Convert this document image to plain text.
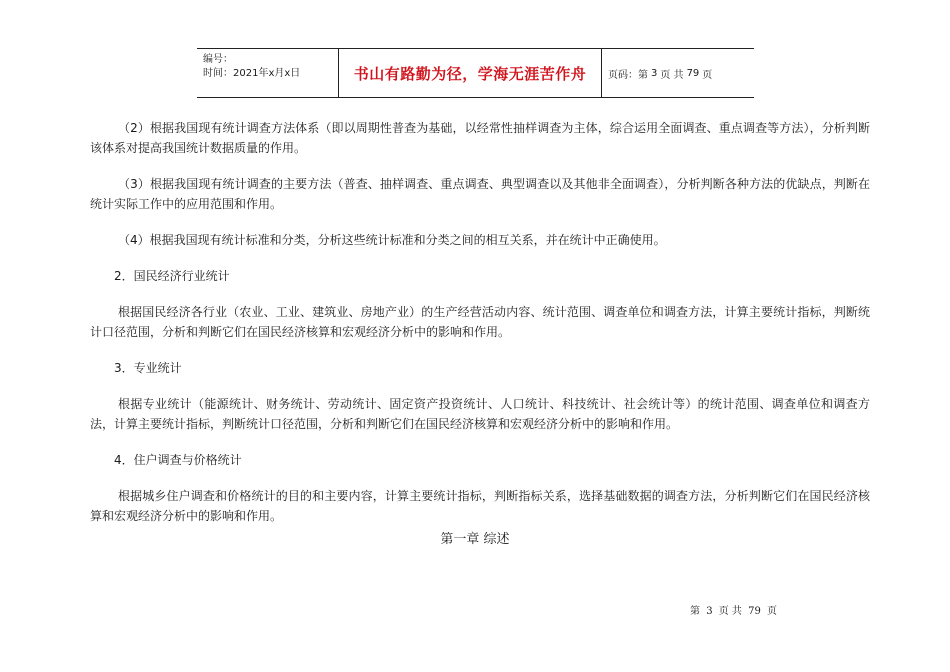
编号：
时间：2021年x月x日	书山有路勤为径，学海无涯苦作舟 页码：第 3 页 共 79 页

（2）根据我国现有统计调查方法体系（即以周期性普查为基础，以经常性抽样调查为主体，综合运用全面调查、重点调查等方法），分析判断该体系对提高我国统计数据质量的作用。

（3）根据我国现有统计调查的主要方法（普查、抽样调查、重点调查、典型调查以及其他非全面调查），分析判断各种方法的优缺点，判断在统计实际工作中的应用范围和作用。

（4）根据我国现有统计标准和分类，分析这些统计标准和分类之间的相互关系，并在统计中正确使用。

2．国民经济行业统计

根据国民经济各行业（农业、工业、建筑业、房地产业）的生产经营活动内容、统计范围、调查单位和调查方法，计算主要统计指标，判断统计口径范围，分析和判断它们在国民经济核算和宏观经济分析中的影响和作用。

3．专业统计

根据专业统计（能源统计、财务统计、劳动统计、固定资产投资统计、人口统计、科技统计、社会统计等）的统计范围、调查单位和调查方法，计算主要统计指标，判断统计口径范围，分析和判断它们在国民经济核算和宏观经济分析中的影响和作用。

4．住户调查与价格统计

根据城乡住户调查和价格统计的目的和主要内容，计算主要统计指标，判断指标关系，选择基础数据的调查方法，分析判断它们在国民经济核算和宏观经济分析中的影响和作用。

第一章 综述
第 3 页 共 79 页
